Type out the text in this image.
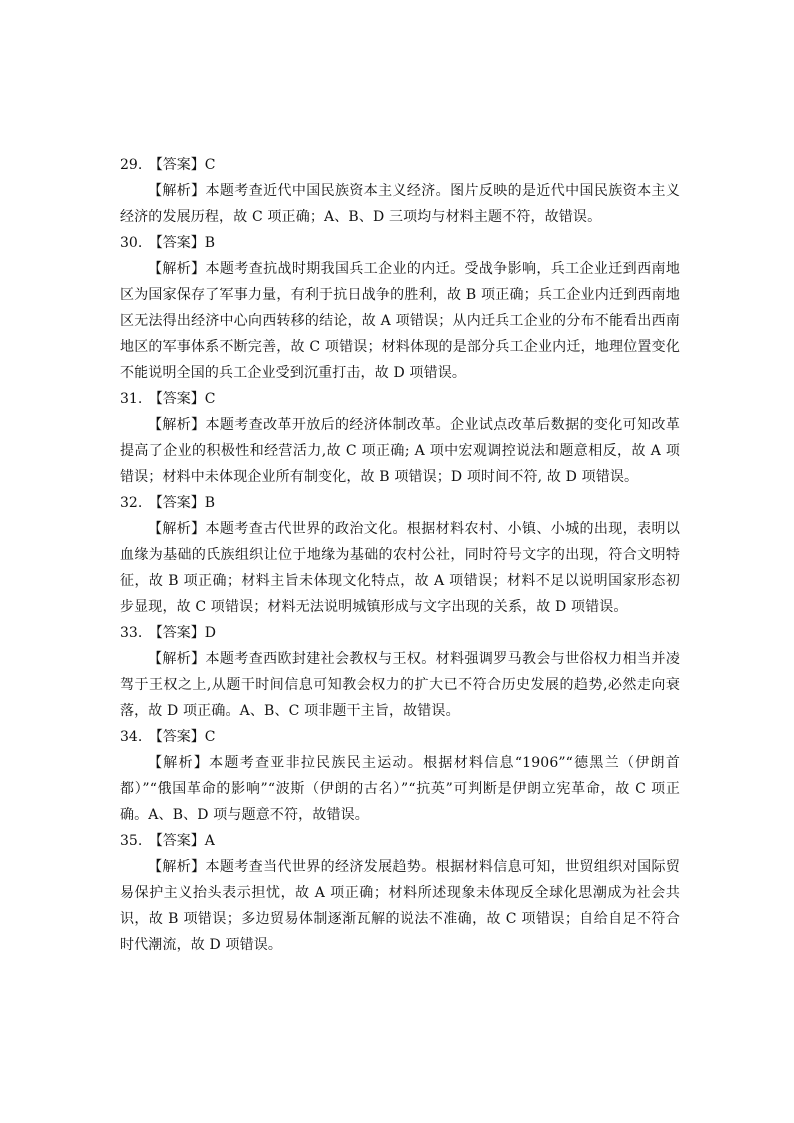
29. 【答案】C
【解析】本题考查近代中国民族资本主义经济。图片反映的是近代中国民族资本主义经济的发展历程，故 C 项正确；A、B、D 三项均与材料主题不符，故错误。
30. 【答案】B
【解析】本题考查抗战时期我国兵工企业的内迁。受战争影响，兵工企业迁到西南地区为国家保存了军事力量，有利于抗日战争的胜利，故 B 项正确；兵工企业内迁到西南地区无法得出经济中心向西转移的结论，故 A 项错误；从内迁兵工企业的分布不能看出西南地区的军事体系不断完善，故 C 项错误；材料体现的是部分兵工企业内迁，地理位置变化不能说明全国的兵工企业受到沉重打击，故 D 项错误。
31. 【答案】C
【解析】本题考查改革开放后的经济体制改革。企业试点改革后数据的变化可知改革提高了企业的积极性和经营活力,故 C 项正确; A 项中宏观调控说法和题意相反，故 A 项错误；材料中未体现企业所有制变化，故 B 项错误；D 项时间不符, 故 D 项错误。
32. 【答案】B
【解析】本题考查古代世界的政治文化。根据材料农村、小镇、小城的出现，表明以血缘为基础的氏族组织让位于地缘为基础的农村公社，同时符号文字的出现，符合文明特征，故 B 项正确；材料主旨未体现文化特点，故 A 项错误；材料不足以说明国家形态初步显现，故 C 项错误；材料无法说明城镇形成与文字出现的关系，故 D 项错误。
33. 【答案】D
【解析】本题考查西欧封建社会教权与王权。材料强调罗马教会与世俗权力相当并凌驾于王权之上,从题干时间信息可知教会权力的扩大已不符合历史发展的趋势,必然走向衰落，故 D 项正确。A、B、C 项非题干主旨，故错误。
34. 【答案】C
【解析】本题考查亚非拉民族民主运动。根据材料信息“1906”“德黑兰（伊朗首都）”“俄国革命的影响”“波斯（伊朗的古名）”“抗英”可判断是伊朗立宪革命，故 C 项正确。A、B、D 项与题意不符，故错误。
35. 【答案】A
【解析】本题考查当代世界的经济发展趋势。根据材料信息可知，世贸组织对国际贸易保护主义抬头表示担忧，故 A 项正确；材料所述现象未体现反全球化思潮成为社会共识，故 B 项错误；多边贸易体制逐渐瓦解的说法不准确，故 C 项错误；自给自足不符合时代潮流，故 D 项错误。
